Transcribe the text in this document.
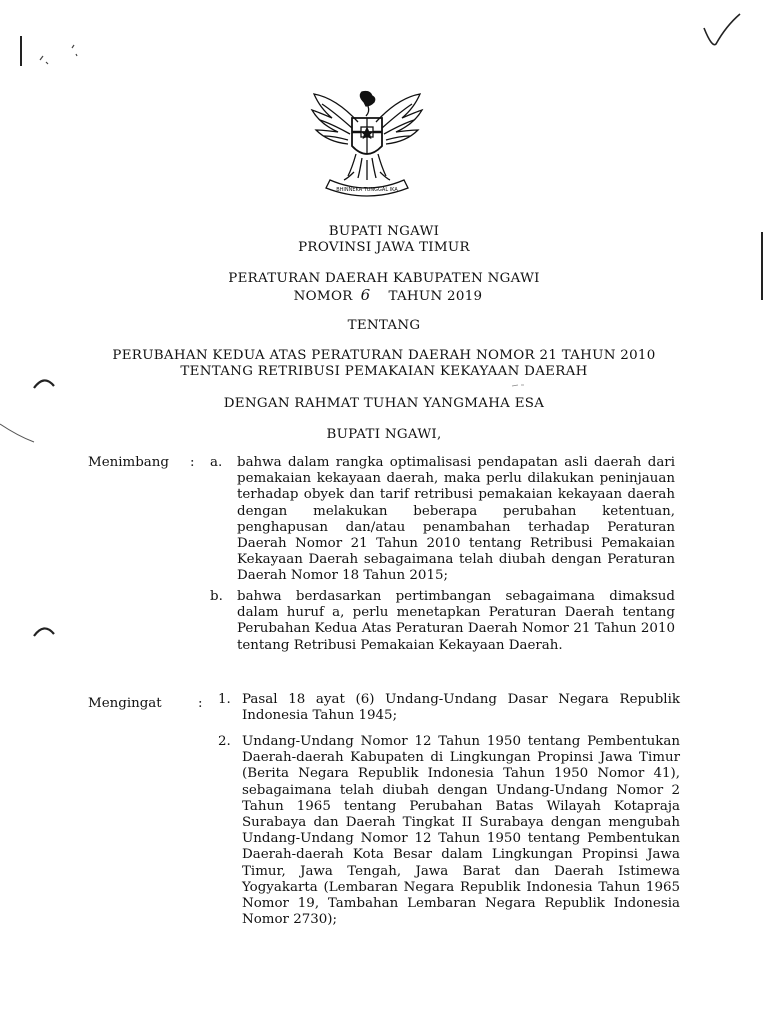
BHINNEKA TUNGGAL IKA
BUPATI NGAWI
PROVINSI JAWA TIMUR
PERATURAN DAERAH KABUPATEN NGAWI
NOMOR 6 TAHUN 2019
TENTANG
PERUBAHAN KEDUA ATAS PERATURAN DAERAH NOMOR 21 TAHUN 2010
TENTANG RETRIBUSI PEMAKAIAN KEKAYAAN DAERAH
DENGAN RAHMAT TUHAN YANGMAHA ESA
BUPATI NGAWI,
Menimbang	: a. bahwa dalam rangka optimalisasi pendapatan asli daerah dari pemakaian kekayaan daerah, maka perlu dilakukan peninjauan terhadap obyek dan tarif retribusi pemakaian kekayaan daerah dengan melakukan beberapa perubahan ketentuan, penghapusan dan/atau penambahan terhadap Peraturan Daerah Nomor 21 Tahun 2010 tentang Retribusi Pemakaian Kekayaan Daerah sebagaimana telah diubah dengan Peraturan Daerah Nomor 18 Tahun 2015;
b. bahwa berdasarkan pertimbangan sebagaimana dimaksud dalam huruf a, perlu menetapkan Peraturan Daerah tentang Perubahan Kedua Atas Peraturan Daerah Nomor 21 Tahun 2010 tentang Retribusi Pemakaian Kekayaan Daerah.
Mengingat	: 1. Pasal 18 ayat (6) Undang-Undang Dasar Negara Republik Indonesia Tahun 1945;
2. Undang-Undang Nomor 12 Tahun 1950 tentang Pembentukan Daerah-daerah Kabupaten di Lingkungan Propinsi Jawa Timur (Berita Negara Republik Indonesia Tahun 1950 Nomor 41), sebagaimana telah diubah dengan Undang-Undang Nomor 2 Tahun 1965 tentang Perubahan Batas Wilayah Kotapraja Surabaya dan Daerah Tingkat II Surabaya dengan mengubah Undang-Undang Nomor 12 Tahun 1950 tentang Pembentukan Daerah-daerah Kota Besar dalam Lingkungan Propinsi Jawa Timur, Jawa Tengah, Jawa Barat dan Daerah Istimewa Yogyakarta (Lembaran Negara Republik Indonesia Tahun 1965 Nomor 19, Tambahan Lembaran Negara Republik Indonesia Nomor 2730);
